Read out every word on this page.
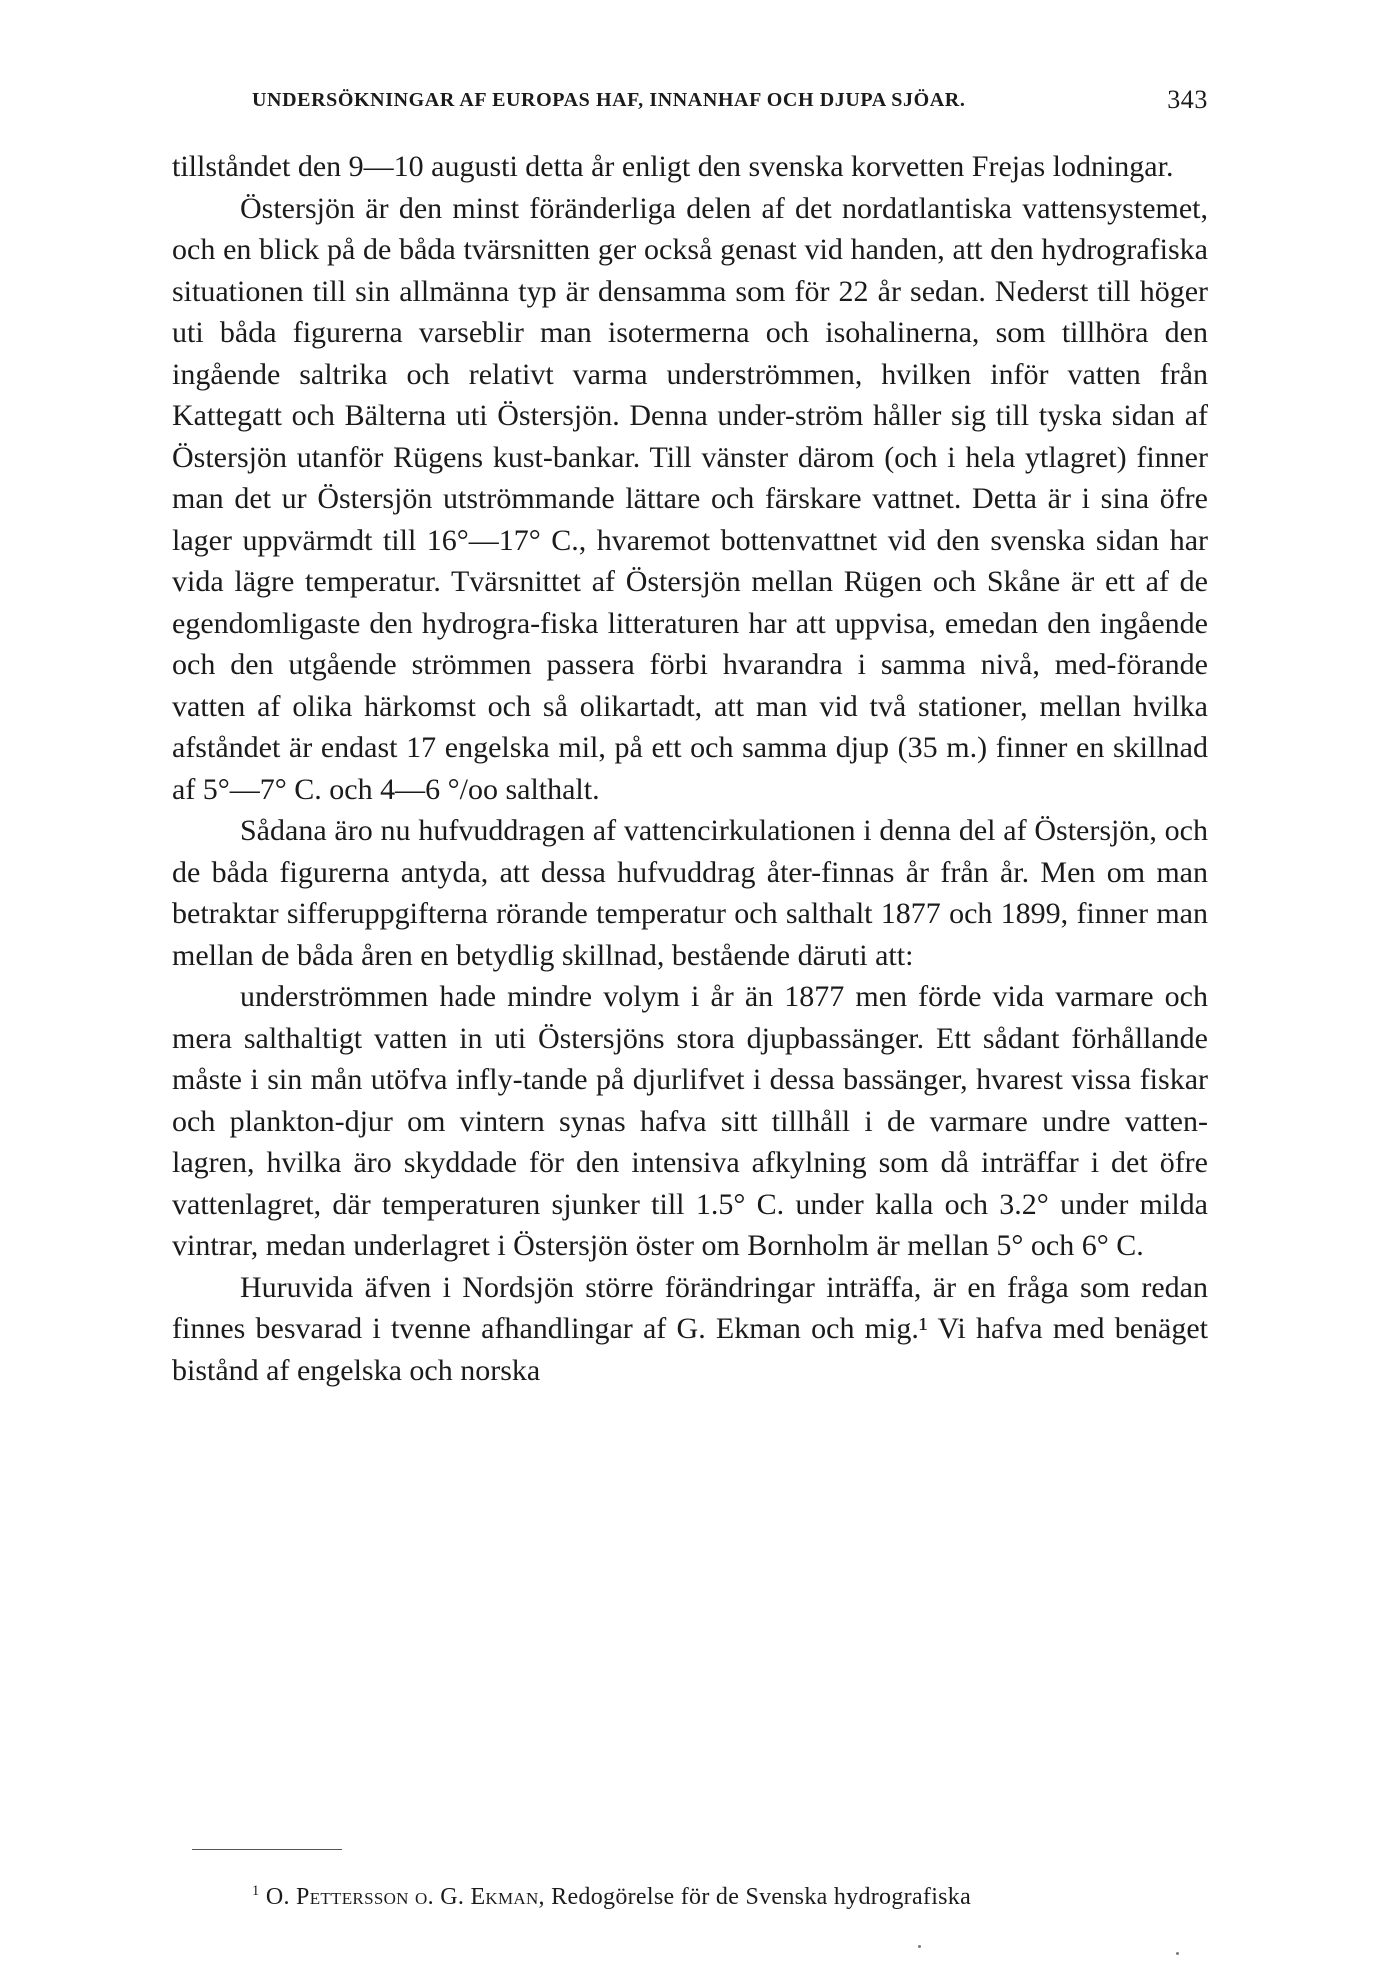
UNDERSÖKNINGAR AF EUROPAS HAF, INNANHAF OCH DJUPA SJÖAR.	343

tillståndet den 9—10 augusti detta år enligt den svenska korvetten Frejas lodningar.

Östersjön är den minst föränderliga delen af det nordatlantiska vattensystemet, och en blick på de båda tvärsnitten ger också genast vid handen, att den hydrografiska situationen till sin allmänna typ är densamma som för 22 år sedan. Nederst till höger uti båda figurerna varseblir man isotermerna och isohalinerna, som tillhöra den ingående saltrika och relativt varma underströmmen, hvilken inför vatten från Kattegatt och Bälterna uti Östersjön. Denna under-ström håller sig till tyska sidan af Östersjön utanför Rügens kust-bankar. Till vänster därom (och i hela ytlagret) finner man det ur Östersjön utströmmande lättare och färskare vattnet. Detta är i sina öfre lager uppvärmdt till 16°—17° C., hvaremot bottenvattnet vid den svenska sidan har vida lägre temperatur. Tvärsnittet af Östersjön mellan Rügen och Skåne är ett af de egendomligaste den hydrogra-fiska litteraturen har att uppvisa, emedan den ingående och den utgående strömmen passera förbi hvarandra i samma nivå, med-förande vatten af olika härkomst och så olikartadt, att man vid två stationer, mellan hvilka afståndet är endast 17 engelska mil, på ett och samma djup (35 m.) finner en skillnad af 5°—7° C. och 4—6 °/oo salthalt.

Sådana äro nu hufvuddragen af vattencirkulationen i denna del af Östersjön, och de båda figurerna antyda, att dessa hufvuddrag åter-finnas år från år. Men om man betraktar sifferuppgifterna rörande temperatur och salthalt 1877 och 1899, finner man mellan de båda åren en betydlig skillnad, bestående däruti att:

underströmmen hade mindre volym i år än 1877 men förde vida varmare och mera salthaltigt vatten in uti Östersjöns stora djupbassänger. Ett sådant förhållande måste i sin mån utöfva infly-tande på djurlifvet i dessa bassänger, hvarest vissa fiskar och plankton-djur om vintern synas hafva sitt tillhåll i de varmare undre vatten-lagren, hvilka äro skyddade för den intensiva afkylning som då inträffar i det öfre vattenlagret, där temperaturen sjunker till 1.5° C. under kalla och 3.2° under milda vintrar, medan underlagret i Östersjön öster om Bornholm är mellan 5° och 6° C.

Huruvida äfven i Nordsjön större förändringar inträffa, är en fråga som redan finnes besvarad i tvenne afhandlingar af G. Ekman och mig.¹ Vi hafva med benäget bistånd af engelska och norska

$^1$ O. Pettersson o. G. Ekman, Redogörelse för de Svenska hydrografiska
